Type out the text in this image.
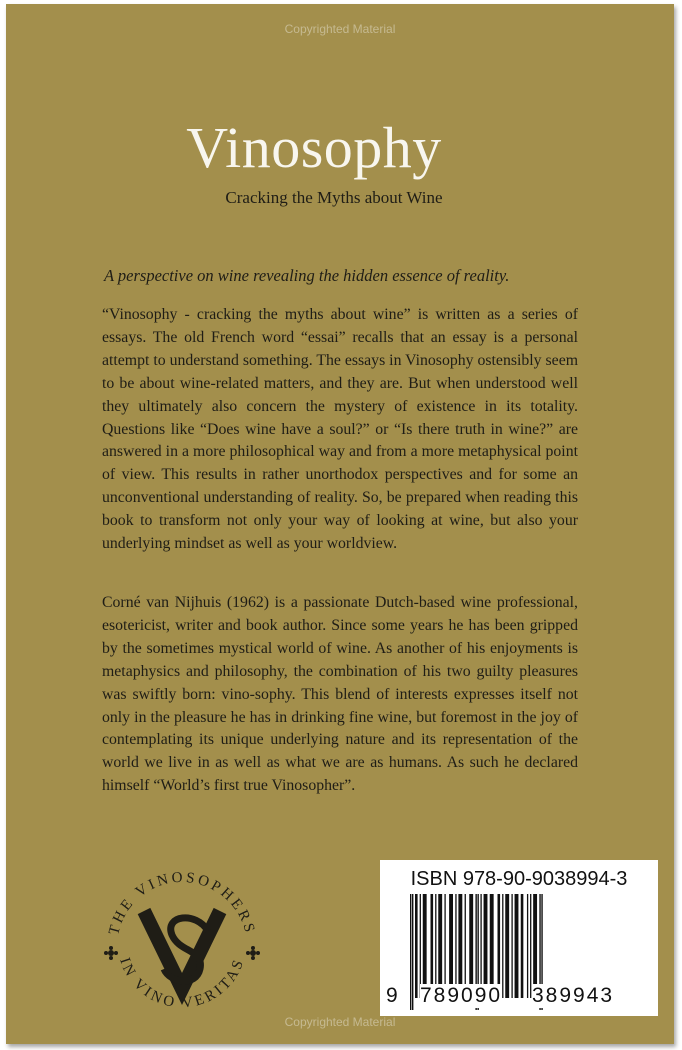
Copyrighted Material
Vinosophy
Cracking the Myths about Wine
A perspective on wine revealing the hidden essence of reality.

“Vinosophy - cracking the myths about wine” is written as a series of essays. The old French word “essai” recalls that an essay is a personal attempt to understand something. The essays in Vinosophy ostensibly seem to be about wine-related matters, and they are. But when understood well they ultimately also concern the mystery of existence in its totality. Questions like “Does wine have a soul?” or “Is there truth in wine?” are answered in a more philosophical way and from a more metaphysical point of view. This results in rather unorthodox perspectives and for some an unconventional understanding of reality. So, be prepared when reading this book to transform not only your way of looking at wine, but also your underlying mindset as well as your worldview.

Corné van Nijhuis (1962) is a passionate Dutch-based wine professional, esotericist, writer and book author. Since some years he has been gripped by the sometimes mystical world of wine. As another of his enjoyments is metaphysics and philosophy, the combination of his two guilty pleasures was swiftly born: vino-sophy. This blend of interests expresses itself not only in the pleasure he has in drinking fine wine, but foremost in the joy of contemplating its unique underlying nature and its representation of the world we live in as well as what we are as humans. As such he declared himself “World’s first true Vinosopher”.

THE VINOSOPHERS
IN VINO VERITAS
ISBN 978-90-9038994-3
9 789090 389943
Copyrighted Material
